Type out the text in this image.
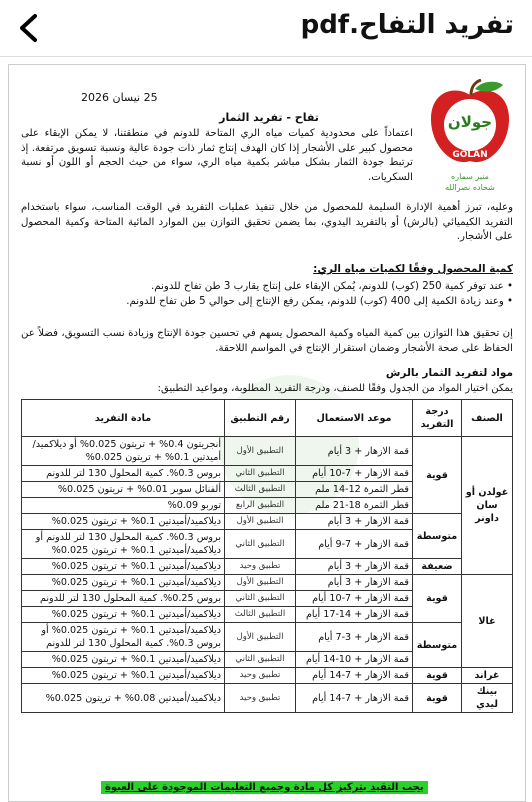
تفريد التفاح.pdf
25 نيسان 2026
جولان
GOLAN
Orchard Advisory & Researches
منير سماره
شحاده نصرالله
تفاح - تفريد الثمار
اعتماداً على محدودية كميات مياه الري المتاحة للدونم في منطقتنا، لا يمكن الإبقاء على محصول كبير على الأشجار إذا كان الهدف إنتاج ثمار ذات جودة عالية ونسبة تسويق مرتفعة. إذ ترتبط جودة الثمار بشكل مباشر بكمية مياه الري، سواء من حيث الحجم أو اللون أو نسبة السكريات.
وعليه، تبرز أهمية الإدارة السليمة للمحصول من خلال تنفيذ عمليات التفريد في الوقت المناسب، سواء باستخدام التفريد الكيميائي (بالرش) أو بالتفريد اليدوي، بما يضمن تحقيق التوازن بين الموارد المائية المتاحة وكمية المحصول على الأشجار.
كمية المحصول وفقًا لكميات مياه الري:
• عند توفر كمية 250 (كوب) للدونم، يُمكن الإبقاء على إنتاج يقارب 3 طن تفاح للدونم.
• وعند زيادة الكمية إلى 400 (كوب) للدونم، يمكن رفع الإنتاج إلى حوالي 5 طن تفاح للدونم.
إن تحقيق هذا التوازن بين كمية المياه وكمية المحصول يسهم في تحسين جودة الإنتاج وزيادة نسب التسويق، فضلاً عن الحفاظ على صحة الأشجار وضمان استقرار الإنتاج في المواسم اللاحقة.
مواد لتفريد الثمار بالرش
يمكن اختيار المواد من الجدول وفقًا للصنف، ودرجة التفريد المطلوبة، ومواعيد التطبيق:
الصنف	درجة التفريد	موعد الاستعمال	رقم التطبيق	مادة التفريد
غولدن أو سان داونر	قوية	قمة الازهار + 3 أيام	التطبيق الأول	أنجريتون 0.4% + تريتون 0.025% أو ديلاكميد/أميدتين 0.1% + تريتون 0.025%
		قمة الازهار + 7-10 أيام	التطبيق الثاني	بروس 0.3%. كمية المحلول 130 لتر للدونم
		قطر الثمرة 12-14 ملم	التطبيق الثالث	ألفنائل سوبر 0.01% + تريتون 0.025%
		قطر الثمرة 18-21 ملم	التطبيق الرابع	توربو 0.09%
	متوسطة	قمة الازهار + 3 أيام	التطبيق الأول	ديلاكميد/أميدتين 0.1% + تريتون 0.025%
		قمة الازهار + 7-9 أيام	التطبيق الثاني	بروس 0.3%. كمية المحلول 130 لتر للدونم أو ديلاكميد/أميدتين 0.1% + تريتون 0.025%
	ضعيفة	قمة الازهار + 3 أيام	تطبيق وحيد	ديلاكميد/أميدتين 0.1% + تريتون 0.025%
غالا	قوية	قمة الازهار + 3 أيام	التطبيق الأول	ديلاكميد/أميدتين 0.1% + تريتون 0.025%
		قمة الازهار + 7-10 أيام	التطبيق الثاني	بروس 0.25%. كمية المحلول 130 لتر للدونم
		قمة الازهار + 14-17 أيام	التطبيق الثالث	ديلاكميد/أميدتين 0.1% + تريتون 0.025%
	متوسطة	قمة الازهار + 3-7 أيام	التطبيق الأول	ديلاكميد/أميدتين 0.1% + تريتون 0.025% أو بروس 0.3%. كمية المحلول 130 لتر للدونم
		قمة الازهار + 10-14 أيام	التطبيق الثاني	ديلاكميد/أميدتين 0.1% + تريتون 0.025%
غراند	قوية	قمة الازهار + 7-14 أيام	تطبيق وحيد	ديلاكميد/أميدتين 0.1% + تريتون 0.025%
بينك ليدي	قوية	قمة الازهار + 7-14 أيام	تطبيق وحيد	ديلاكميد/أميدتين 0.08% + تريتون 0.025%
يجب التقيد بتركيز كل مادة وجميع التعليمات الموجودة على العبوة
